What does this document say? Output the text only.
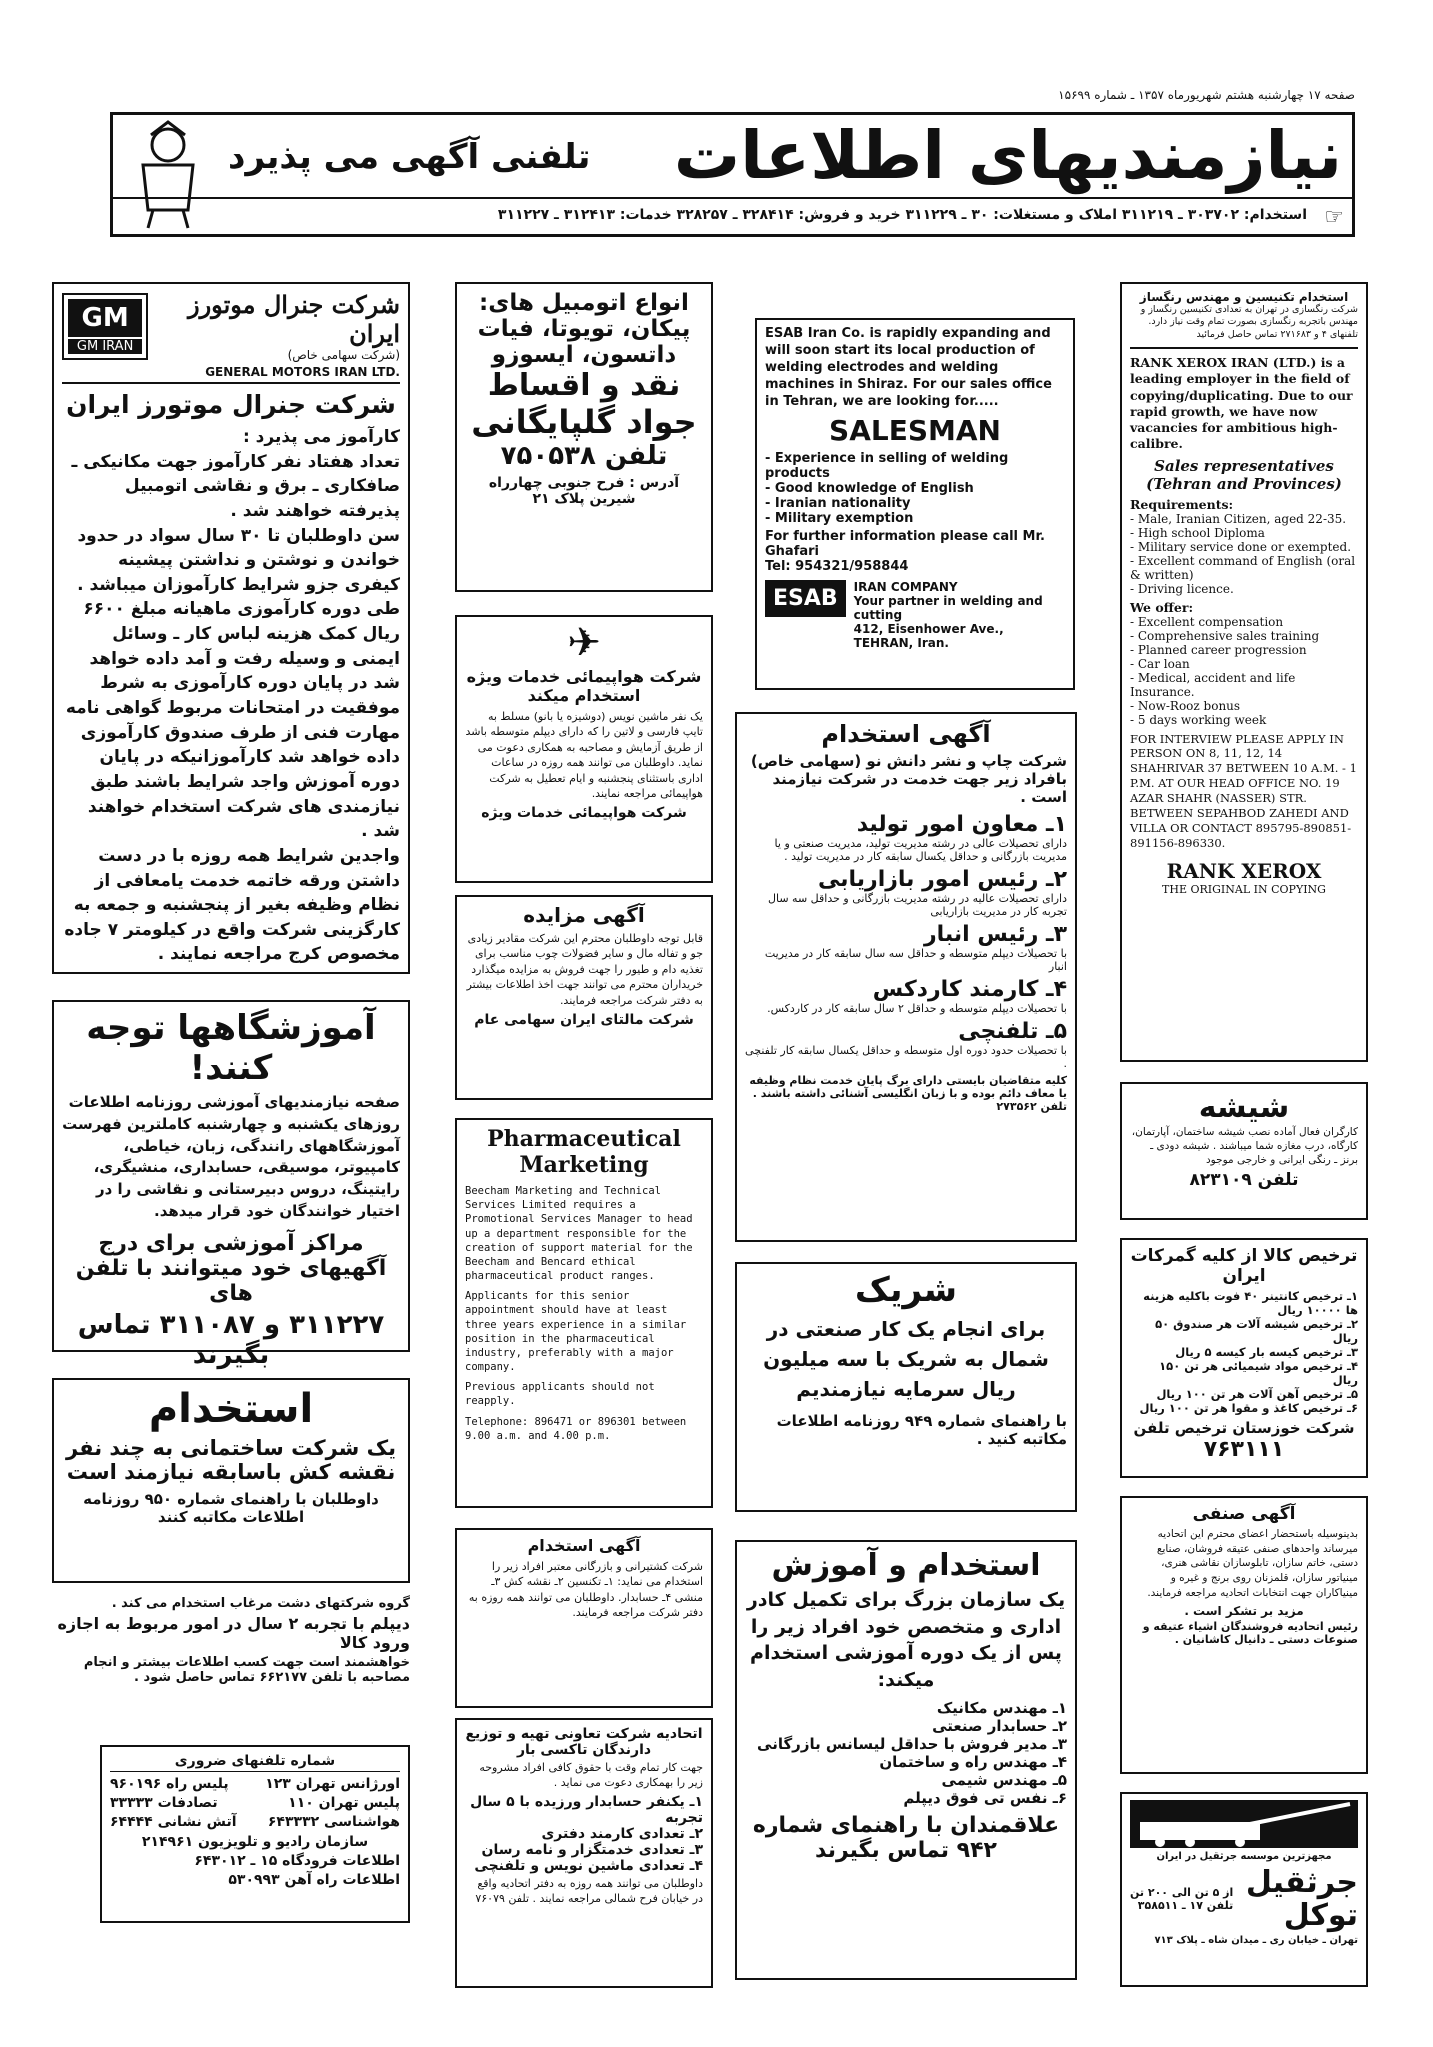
صفحه ۱۷ چهارشنبه هشتم شهریورماه ۱۳۵۷ ـ شماره ۱۵۶۹۹
نیازمندیهای اطلاعات
تلفنی آگهی می پذیرد
☞
استخدام: ۳۰۳۷۰۲ ـ ۳۱۱۲۱۹ املاک و مستغلات: ۳۰ ـ ۳۱۱۲۲۹ خرید و فروش: ۳۲۸۴۱۴ ـ ۳۲۸۲۵۷ خدمات: ۳۱۲۴۱۳ ـ ۳۱۱۲۲۷
GM
GM IRAN
شرکت جنرال موتورز ایران
(شرکت سهامی خاص)
GENERAL MOTORS IRAN LTD.
شرکت جنرال موتورز ایران

کارآموز می پذیرد :

تعداد هفتاد نفر کارآموز جهت مکانیکی ـ صافکاری ـ برق و نقاشی اتومبیل پذیرفته خواهند شد .

سن داوطلبان تا ۳۰ سال سواد در حدود خواندن و نوشتن و نداشتن پیشینه کیفری جزو شرایط کارآموزان میباشد .

طی دوره کارآموزی ماهیانه مبلغ ۶۶۰۰ ریال کمک هزینه لباس کار ـ وسائل ایمنی و وسیله رفت و آمد داده خواهد شد در پایان دوره کارآموزی به شرط موفقیت در امتحانات مربوط گواهی نامه مهارت فنی از طرف صندوق کارآموزی داده خواهد شد کارآموزانیکه در پایان دوره آموزش واجد شرایط باشند طبق نیازمندی های شرکت استخدام خواهند شد .

واجدین شرایط همه روزه با در دست داشتن ورقه خاتمه خدمت یامعافی از نظام وظیفه بغیر از پنجشنبه و جمعه به کارگزینی شرکت واقع در کیلومتر ۷ جاده مخصوص کرج مراجعه نمایند .

آموزشگاهها توجه کنند!

صفحه نیازمندیهای آموزشی روزنامه اطلاعات روزهای یکشنبه و چهارشنبه کاملترین فهرست آموزشگاههای رانندگی، زبان، خیاطی، کامپیوتر، موسیقی، حسابداری، منشیگری، رایتینگ، دروس دبیرستانی و نقاشی را در اختیار خوانندگان خود قرار میدهد.

مراکز آموزشی برای درج
آگهیهای خود میتوانند با تلفن های
۳۱۱۲۲۷ و ۳۱۱۰۸۷ تماس بگیرند
استخدام
یک شرکت ساختمانی به چند نفر
نقشه کش باسابقه نیازمند است

داوطلبان با راهنمای شماره ۹۵۰ روزنامه اطلاعات مکاتبه کنند

گروه شرکتهای دشت مرغاب استخدام می کند .

دیپلم با تجربه ۲ سال در امور مربوط به اجازه ورود کالا

خواهشمند است جهت کسب اطلاعات بیشتر و انجام مصاحبه با تلفن ۶۶۲۱۷۷ تماس حاصل شود .

شماره تلفنهای ضروری
اورژانس تهران ۱۲۳
پلیس راه ۹۶۰۱۹۶
پلیس تهران ۱۱۰
تصادفات ۳۳۳۳۳
هواشناسی ۶۴۳۳۳۲
آتش نشانی ۶۴۴۴۴
سازمان رادیو و تلویزیون ۲۱۴۹۶۱
اطلاعات فرودگاه ۱۵ ـ ۶۴۳۰۱۲
اطلاعات راه آهن ۵۳۰۹۹۳
انواع اتومبیل های:
پیکان، تویوتا، فیات
داتسون، ایسوزو
نقد و اقساط
جواد گلپایگانی
تلفن ۷۵۰۵۳۸
آدرس : فرح جنوبی چهارراه شیرین پلاک ۲۱
✈
شرکت هواپیمائی خدمات ویژه استخدام میکند

یک نفر ماشین نویس (دوشیزه یا بانو) مسلط به تایپ فارسی و لاتین را که دارای دیپلم متوسطه باشد از طریق آزمایش و مصاحبه به همکاری دعوت می نماید. داوطلبان می توانند همه روزه در ساعات اداری باستثنای پنجشنبه و ایام تعطیل به شرکت هواپیمائی مراجعه نمایند.

شرکت هواپیمائی خدمات ویژه
آگهی مزایده

قابل توجه داوطلبان محترم این شرکت مقادیر زیادی جو و تفاله مال و سایر فضولات چوب مناسب برای تغذیه دام و طیور را جهت فروش به مزایده میگذارد خریداران محترم می توانند جهت اخذ اطلاعات بیشتر به دفتر شرکت مراجعه فرمایند.

شرکت مالتای ایران سهامی عام
Pharmaceutical
Marketing

Beecham Marketing and Technical Services Limited requires a Promotional Services Manager to head up a department responsible for the creation of support material for the Beecham and Bencard ethical pharmaceutical product ranges.

Applicants for this senior appointment should have at least three years experience in a similar position in the pharmaceutical industry, preferably with a major company.

Previous applicants should not reapply.

Telephone: 896471 or 896301 between 9.00 a.m. and 4.00 p.m.

آگهی استخدام

شرکت کشتیرانی و بازرگانی معتبر افراد زیر را استخدام می نماید: ۱ـ تکنسین ۲ـ نقشه کش ۳ـ منشی ۴ـ حسابدار. داوطلبان می توانند همه روزه به دفتر شرکت مراجعه فرمایند.

اتحادیه شرکت تعاونی تهیه و توزیع دارندگان تاکسی بار

جهت کار تمام وقت با حقوق کافی افراد مشروحه زیر را بهمکاری دعوت می نماید .

۱ـ یکنفر حسابدار ورزیده با ۵ سال تجربه

۲ـ تعدادی کارمند دفتری

۳ـ تعدادی خدمتگزار و نامه رسان

۴ـ تعدادی ماشین نویس و تلفنچی

داوطلبان می توانند همه روزه به دفتر اتحادیه واقع در خیابان فرح شمالی مراجعه نمایند . تلفن ۷۶۰۷۹

ESAB Iran Co. is rapidly expanding and will soon start its local production of welding electrodes and welding machines in Shiraz. For our sales office in Tehran, we are looking for.....

SALESMAN
- Experience in selling of welding products
- Good knowledge of English
- Iranian nationality
- Military exemption

For further information please call Mr. Ghafari

Tel: 954321/958844

ESAB	IRAN COMPANY
Your partner in welding and cutting
412, Eisenhower Ave., TEHRAN, Iran.
آگهی استخدام

شرکت چاپ و نشر دانش نو (سهامی خاص) بافراد زیر جهت خدمت در شرکت نیازمند است .

۱ـ معاون امور تولید

دارای تحصیلات عالی در رشته مدیریت تولید، مدیریت صنعتی و یا مدیریت بازرگانی و حداقل یکسال سابقه کار در مدیریت تولید .

۲ـ رئیس امور بازاریابی

دارای تحصیلات عالیه در رشته مدیریت بازرگانی و حداقل سه سال تجربه کار در مدیریت بازاریابی

۳ـ رئیس انبار

با تحصیلات دیپلم متوسطه و حداقل سه سال سابقه کار در مدیریت انبار

۴ـ کارمند کاردکس

با تحصیلات دیپلم متوسطه و حداقل ۲ سال سابقه کار در کاردکس.

۵ـ تلفنچی

با تحصیلات حدود دوره اول متوسطه و حداقل یکسال سابقه کار تلفنچی .

کلیه متقاضیان بایستی دارای برگ پایان خدمت نظام وظیفه یا معاف دائم بوده و با زبان انگلیسی آشنائی داشته باشند . تلفن ۲۷۳۵۶۲

شریک

برای انجام یک کار صنعتی در شمال به شریک با سه میلیون ریال سرمایه نیازمندیم

با راهنمای شماره ۹۴۹ روزنامه اطلاعات مکاتبه کنید .

استخدام و آموزش

یک سازمان بزرگ برای تکمیل کادر اداری و متخصص خود افراد زیر را پس از یک دوره آموزشی استخدام میکند:

۱ـ مهندس مکانیک
۲ـ حسابدار صنعتی
۳ـ مدیر فروش با حداقل لیسانس بازرگانی
۴ـ مهندس راه و ساختمان
۵ـ مهندس شیمی
۶ـ نفس تی فوق دیپلم
علاقمندان با راهنمای شماره ۹۴۲ تماس بگیرند
استخدام تکنیسین و مهندس رنگساز

شرکت رنگسازی در تهران به تعدادی تکنیسین رنگساز و مهندس باتجربه رنگسازی بصورت تمام وقت نیاز دارد. تلفنهای ۴ و ۲۷۱۶۸۳ تماس حاصل فرمائید

RANK XEROX IRAN (LTD.) is a leading employer in the field of copying/duplicating. Due to our rapid growth, we have now vacancies for ambitious high-calibre.

Sales representatives (Tehran and Provinces)

Requirements:

- Male, Iranian Citizen, aged 22-35.
- High school Diploma
- Military service done or exempted.
- Excellent command of English (oral & written)
- Driving licence.

We offer:

- Excellent compensation
- Comprehensive sales training
- Planned career progression
- Car loan
- Medical, accident and life Insurance.
- Now-Rooz bonus
- 5 days working week

FOR INTERVIEW PLEASE APPLY IN PERSON ON 8, 11, 12, 14 SHAHRIVAR 37 BETWEEN 10 A.M. - 1 P.M. AT OUR HEAD OFFICE NO. 19 AZAR SHAHR (NASSER) STR. BETWEEN SEPAHBOD ZAHEDI AND VILLA OR CONTACT 895795-890851-891156-896330.

RANK XEROX
THE ORIGINAL IN COPYING
شیشه

کارگران فعال آماده نصب شیشه ساختمان، آپارتمان، کارگاه، درب مغازه شما میباشند . شیشه دودی ـ برنز ـ رنگی ایرانی و خارجی موجود

تلفن ۸۲۳۱۰۹
ترخیص کالا از کلیه گمرکات ایران
۱ـ ترخیص کانتینر ۴۰ فوت باکلیه هزینه ها ۱۰۰۰۰ ریال
۲ـ ترخیص شیشه آلات هر صندوق ۵۰ ریال
۳ـ ترخیص کیسه بار کیسه ۵ ریال
۴ـ ترخیص مواد شیمیائی هر تن ۱۵۰ ریال
۵ـ ترخیص آهن آلات هر تن ۱۰۰ ریال
۶ـ ترخیص کاغذ و مقوا هر تن ۱۰۰ ریال
شرکت خوزستان ترخیص تلفن
۷۶۳۱۱۱
آگهی صنفی

بدینوسیله باستحضار اعضای محترم این اتحادیه میرساند واحدهای صنفی عتیقه فروشان، صنایع دستی، خاتم سازان، تابلوسازان نقاشی هنری، مینیاتور سازان، قلمزنان روی برنج و غیره و مینیاکاران جهت انتخابات اتحادیه مراجعه فرمایند.

مزید بر تشکر است .

رئیس اتحادیه فروشندگان اشیاء عتیقه و صنوعات دستی ـ دانیال کاشانیان .

مجهزترین موسسه جرثقیل در ایران
جرثقیل توکل
از ۵ تن الی ۲۰۰ تن
تلفن ۱۷ ـ ۳۵۸۵۱۱
تهران ـ خیابان ری ـ میدان شاه ـ پلاک ۷۱۳
